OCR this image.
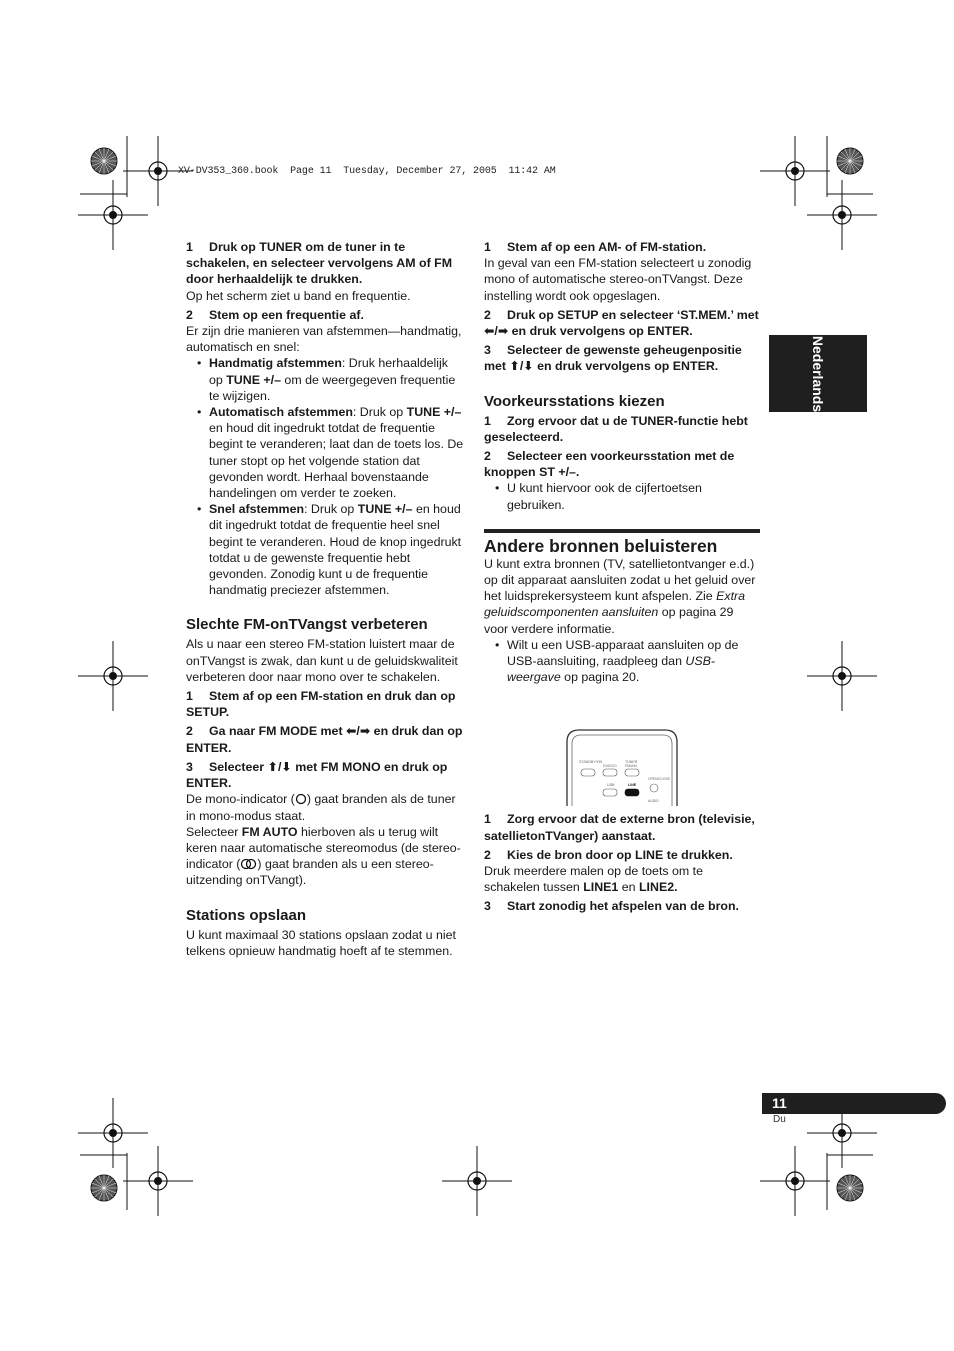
XV-DV353_360.book  Page 11  Tuesday, December 27, 2005  11:42 AM
Nederlands

1 Druk op TUNER om de tuner in te schakelen, en selecteer vervolgens AM of FM door herhaaldelijk te drukken.

Op het scherm ziet u band en frequentie.

2 Stem op een frequentie af.

Er zijn drie manieren van afstemmen—handmatig, automatisch en snel:

• Handmatig afstemmen: Druk herhaaldelijk op TUNE +/– om de weergegeven frequentie te wijzigen.
• Automatisch afstemmen: Druk op TUNE +/– en houd dit ingedrukt totdat de frequentie begint te veranderen; laat dan de toets los. De tuner stopt op het volgende station dat gevonden wordt. Herhaal bovenstaande handelingen om verder te zoeken.
• Snel afstemmen: Druk op TUNE +/– en houd dit ingedrukt totdat de frequentie heel snel begint te veranderen. Houd de knop ingedrukt totdat u de gewenste frequentie hebt gevonden. Zonodig kunt u de frequentie handmatig preciezer afstemmen.
Slechte FM-onTVangst verbeteren

Als u naar een stereo FM-station luistert maar de onTVangst is zwak, dan kunt u de geluidskwaliteit verbeteren door naar mono over te schakelen.

1 Stem af op een FM-station en druk dan op SETUP.

2 Ga naar FM MODE met ⬅/➡ en druk dan op ENTER.

3 Selecteer ⬆/⬇ met FM MONO en druk op ENTER.

De mono-indicator ( ) gaat branden als de tuner in mono-modus staat.

Selecteer FM AUTO hierboven als u terug wilt keren naar automatische stereomodus (de stereo-indicator ( ) gaat branden als u een stereo-uitzending onTVangt).

Stations opslaan

U kunt maximaal 30 stations opslaan zodat u niet telkens opnieuw handmatig hoeft af te stemmen.

1 Stem af op een AM- of FM-station.

In geval van een FM-station selecteert u zonodig mono of automatische stereo-onTVangst. Deze instelling wordt ook opgeslagen.

2 Druk op SETUP en selecteer ‘ST.MEM.’ met ⬅/➡ en druk vervolgens op ENTER.

3 Selecteer de gewenste geheugenpositie met ⬆/⬇ en druk vervolgens op ENTER.

Voorkeursstations kiezen

1 Zorg ervoor dat u de TUNER-functie hebt geselecteerd.

2 Selecteer een voorkeursstation met de knoppen ST +/–.

• U kunt hiervoor ook de cijfertoetsen gebruiken.
Andere bronnen beluisteren

U kunt extra bronnen (TV, satellietontvanger e.d.) op dit apparaat aansluiten zodat u het geluid over het luidsprekersysteem kunt afspelen. Zie Extra geluidscomponenten aansluiten op pagina 29 voor verdere informatie.

• Wilt u een USB-apparaat aansluiten op de USB-aansluiting, raadpleeg dan USB-weergave op pagina 20.

1 Zorg ervoor dat de externe bron (televisie, satellietonTVanger) aanstaat.

2 Kies de bron door op LINE te drukken.

Druk meerdere malen op de toets om te schakelen tussen LINE1 en LINE2.

3 Start zonodig het afspelen van de bron.

STANDBY/ON
DVD/CD
TUNER
FM/AM
OPEN/CLOSE
AUDIO
USB	LINE
11
Du
